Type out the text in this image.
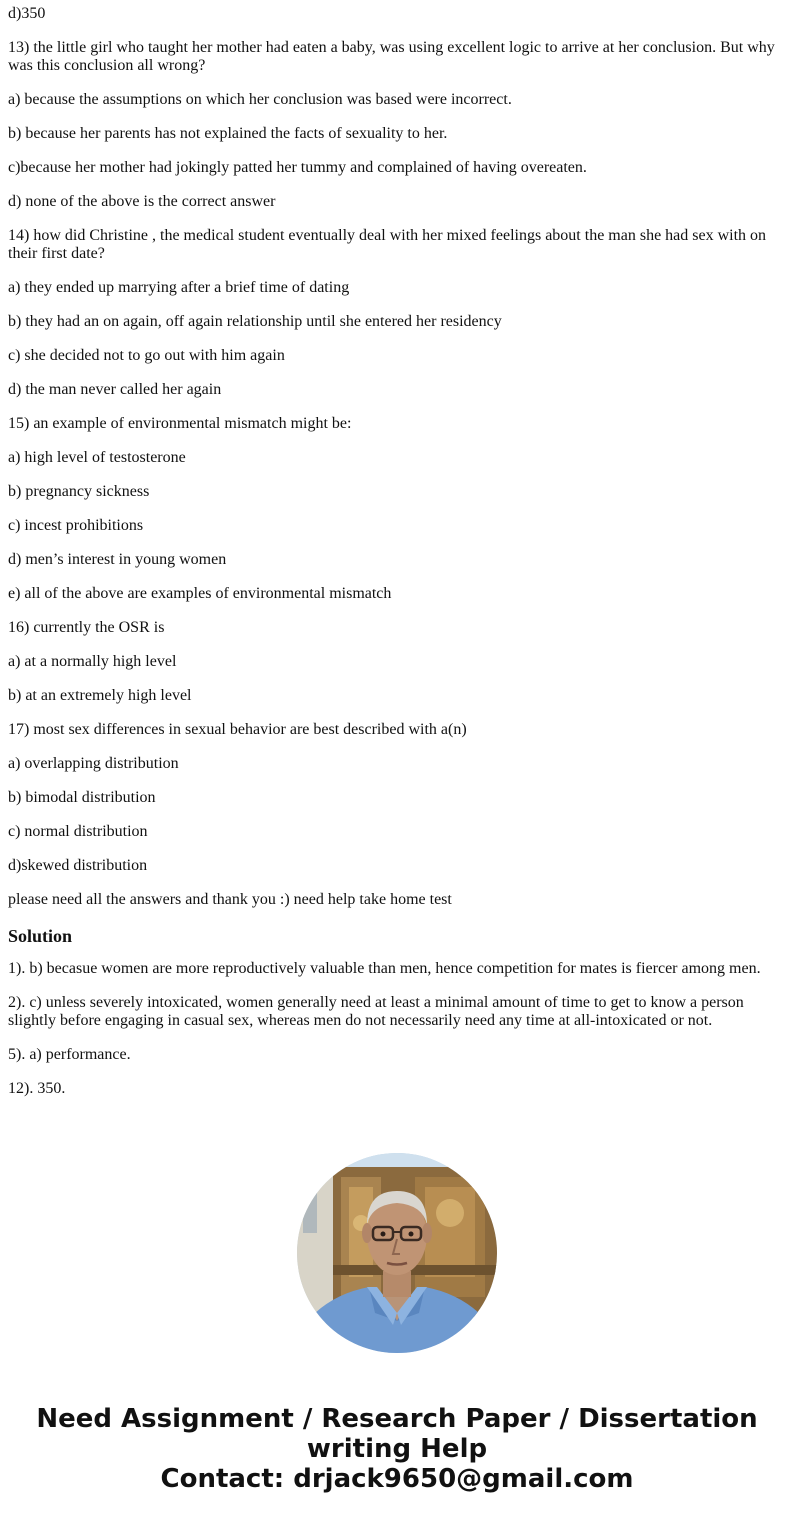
d)350

13) the little girl who taught her mother had eaten a baby, was using excellent logic to arrive at her conclusion. But why was this conclusion all wrong?

a) because the assumptions on which her conclusion was based were incorrect.

b) because her parents has not explained the facts of sexuality to her.

c)because her mother had jokingly patted her tummy and complained of having overeaten.

d) none of the above is the correct answer

14) how did Christine , the medical student eventually deal with her mixed feelings about the man she had sex with on their first date?

a) they ended up marrying after a brief time of dating

b) they had an on again, off again relationship until she entered her residency

c) she decided not to go out with him again

d) the man never called her again

15) an example of environmental mismatch might be:

a) high level of testosterone

b) pregnancy sickness

c) incest prohibitions

d) men’s interest in young women

e) all of the above are examples of environmental mismatch

16) currently the OSR is

a) at a normally high level

b) at an extremely high level

17) most sex differences in sexual behavior are best described with a(n)

a) overlapping distribution

b) bimodal distribution

c) normal distribution

d)skewed distribution

please need all the answers and thank you :) need help take home test

Solution

1). b) becasue women are more reproductively valuable than men, hence competition for mates is fiercer among men.

2). c) unless severely intoxicated, women generally need at least a minimal amount of time to get to know a person slightly before engaging in casual sex, whereas men do not necessarily need any time at all-intoxicated or not.

5). a) performance.

12). 350.

Need Assignment / Research Paper / Dissertation
writing Help
Contact: drjack9650@gmail.com
